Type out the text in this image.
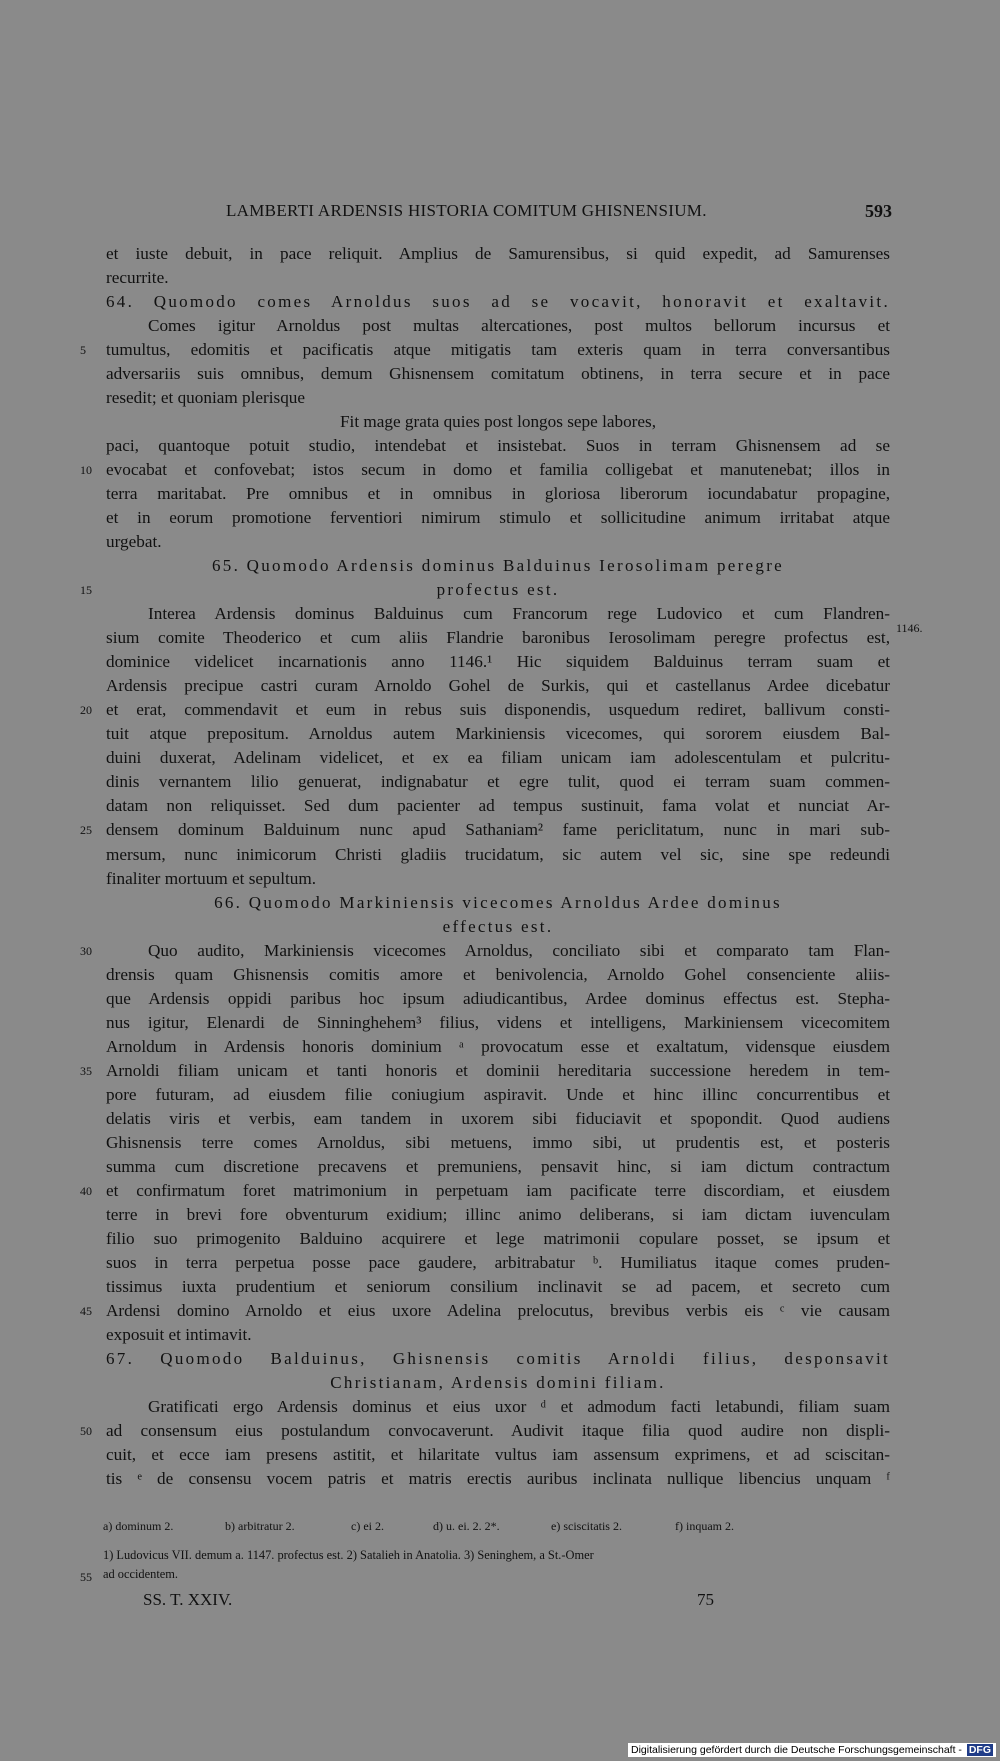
LAMBERTI ARDENSIS HISTORIA COMITUM GHISNENSIUM.	593
et iuste debuit, in pace reliquit. Amplius de Samurensibus, si quid expedit, ad Samurenses
recurrite.
64. Quomodo comes Arnoldus suos ad se vocavit, honoravit et exaltavit.
Comes igitur Arnoldus post multas altercationes, post multos bellorum incursus et
tumultus, edomitis et pacificatis atque mitigatis tam exteris quam in terra conversantibus
adversariis suis omnibus, demum Ghisnensem comitatum obtinens, in terra secure et in pace
resedit; et quoniam plerisque
Fit mage grata quies post longos sepe labores,
paci, quantoque potuit studio, intendebat et insistebat. Suos in terram Ghisnensem ad se
evocabat et confovebat; istos secum in domo et familia colligebat et manutenebat; illos in
terra maritabat. Pre omnibus et in omnibus in gloriosa liberorum iocundabatur propagine,
et in eorum promotione ferventiori nimirum stimulo et sollicitudine animum irritabat atque
urgebat.
65. Quomodo Ardensis dominus Balduinus Ierosolimam peregre
profectus est.
Interea Ardensis dominus Balduinus cum Francorum rege Ludovico et cum Flandren-
sium comite Theoderico et cum aliis Flandrie baronibus Ierosolimam peregre profectus est,
dominice videlicet incarnationis anno 1146.¹ Hic siquidem Balduinus terram suam et
Ardensis precipue castri curam Arnoldo Gohel de Surkis, qui et castellanus Ardee dicebatur
et erat, commendavit et eum in rebus suis disponendis, usquedum rediret, ballivum consti-
tuit atque prepositum. Arnoldus autem Markiniensis vicecomes, qui sororem eiusdem Bal-
duini duxerat, Adelinam videlicet, et ex ea filiam unicam iam adolescentulam et pulcritu-
dinis vernantem lilio genuerat, indignabatur et egre tulit, quod ei terram suam commen-
datam non reliquisset. Sed dum pacienter ad tempus sustinuit, fama volat et nunciat Ar-
densem dominum Balduinum nunc apud Sathaniam² fame periclitatum, nunc in mari sub-
mersum, nunc inimicorum Christi gladiis trucidatum, sic autem vel sic, sine spe redeundi
finaliter mortuum et sepultum.
66. Quomodo Markiniensis vicecomes Arnoldus Ardee dominus
effectus est.
Quo audito, Markiniensis vicecomes Arnoldus, conciliato sibi et comparato tam Flan-
drensis quam Ghisnensis comitis amore et benivolencia, Arnoldo Gohel consenciente aliis-
que Ardensis oppidi paribus hoc ipsum adiudicantibus, Ardee dominus effectus est. Stepha-
nus igitur, Elenardi de Sinninghehem³ filius, videns et intelligens, Markiniensem vicecomitem
Arnoldum in Ardensis honoris dominium ᵃ provocatum esse et exaltatum, vidensque eiusdem
Arnoldi filiam unicam et tanti honoris et dominii hereditaria successione heredem in tem-
pore futuram, ad eiusdem filie coniugium aspiravit. Unde et hinc illinc concurrentibus et
delatis viris et verbis, eam tandem in uxorem sibi fiduciavit et spopondit. Quod audiens
Ghisnensis terre comes Arnoldus, sibi metuens, immo sibi, ut prudentis est, et posteris
summa cum discretione precavens et premuniens, pensavit hinc, si iam dictum contractum
et confirmatum foret matrimonium in perpetuam iam pacificate terre discordiam, et eiusdem
terre in brevi fore obventurum exidium; illinc animo deliberans, si iam dictam iuvenculam
filio suo primogenito Balduino acquirere et lege matrimonii copulare posset, se ipsum et
suos in terra perpetua posse pace gaudere, arbitrabatur ᵇ. Humiliatus itaque comes pruden-
tissimus iuxta prudentium et seniorum consilium inclinavit se ad pacem, et secreto cum
Ardensi domino Arnoldo et eius uxore Adelina prelocutus, brevibus verbis eis ᶜ vie causam
exposuit et intimavit.
67. Quomodo Balduinus, Ghisnensis comitis Arnoldi filius, desponsavit
Christianam, Ardensis domini filiam.
Gratificati ergo Ardensis dominus et eius uxor ᵈ et admodum facti letabundi, filiam suam
ad consensum eius postulandum convocaverunt. Audivit itaque filia quod audire non displi-
cuit, et ecce iam presens astitit, et hilaritate vultus iam assensum exprimens, et ad sciscitan-
tis ᵉ de consensu vocem patris et matris erectis auribus inclinata nullique libencius unquam ᶠ
5
10
15
20
25
30
35
40
45
50
55
1146.
a) dominum 2.	b) arbitratur 2.	c) ei 2.	d) u. ei. 2. 2*.	e) sciscitatis 2.	f) inquam 2.
1) Ludovicus VII. demum a. 1147. profectus est. 2) Satalieh in Anatolia. 3) Seninghem, a St.-Omer
ad occidentem.
SS. T. XXIV.	75
Digitalisierung gefördert durch die Deutsche Forschungsgemeinschaft - DFG
